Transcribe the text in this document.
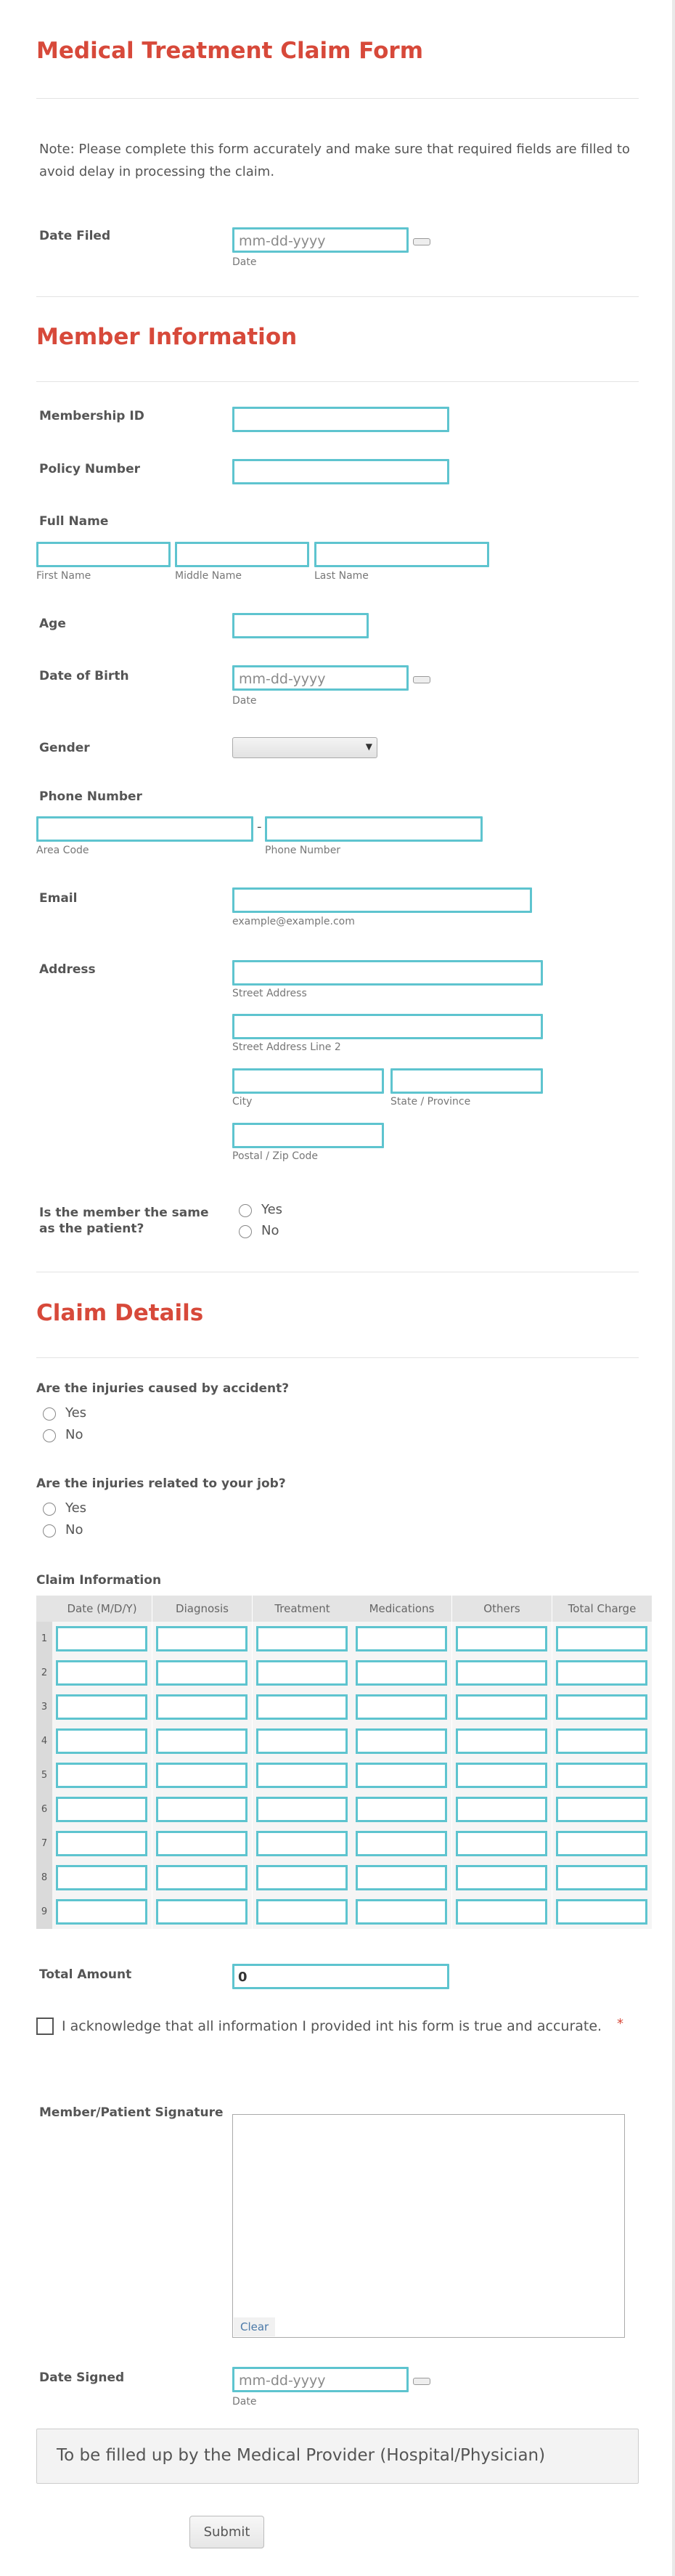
Medical Treatment Claim Form
Note: Please complete this form accurately and make sure that required fields are filled to avoid delay in processing the claim.
Date Filed	mm-dd-yyyy
Date
Member Information
Membership ID
Policy Number
Full Name
First Name	Middle Name	Last Name
Age
Date of Birth	mm-dd-yyyy
Date
Gender	▼
Phone Number
-
Area Code	Phone Number
Email
example@example.com
Address
Street Address
Street Address Line 2
City	State / Province
Postal / Zip Code
Is the member the same as the patient?
Yes
No
Claim Details
Are the injuries caused by accident?
Yes
No
Are the injuries related to your job?
Yes
No
Claim Information
Date (M/D/Y)	Diagnosis	Treatment	Medications	Others	Total Charge
1
2
3
4
5
6
7
8
9
Total Amount	0
I acknowledge that all information I provided int his form is true and accurate. *
Member/Patient Signature
Clear
Date Signed	mm-dd-yyyy
Date
To be filled up by the Medical Provider (Hospital/Physician)
Submit
